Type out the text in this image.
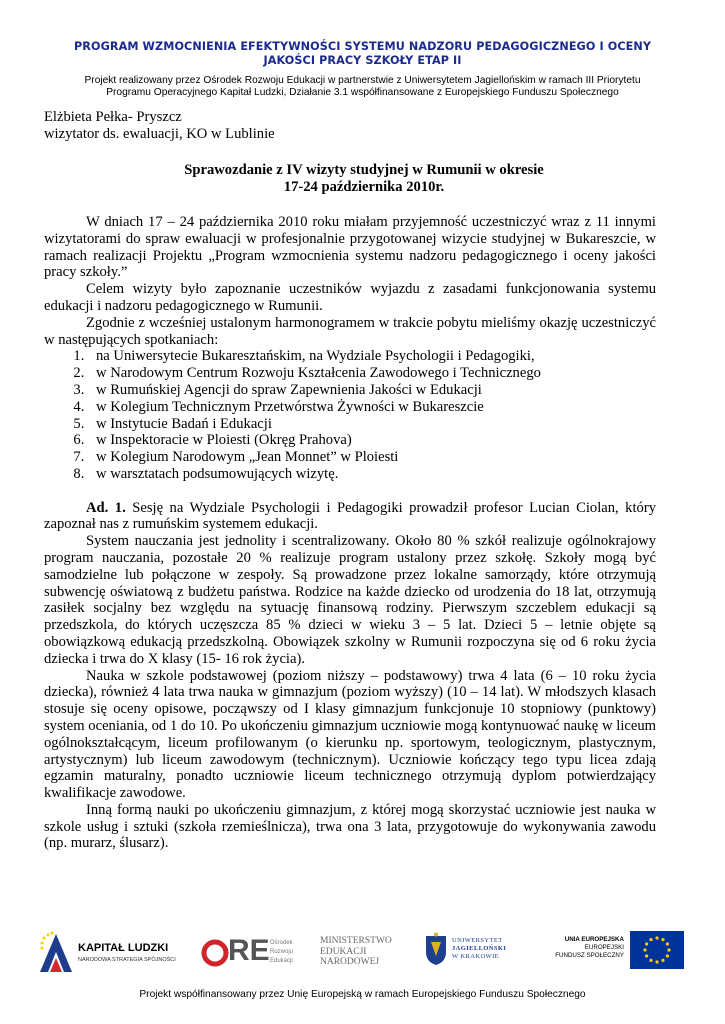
PROGRAM WZMOCNIENIA EFEKTYWNOŚCI SYSTEMU NADZORU PEDAGOGICZNEGO I OCENY
JAKOŚCI PRACY SZKOŁY ETAP II
Projekt realizowany przez Ośrodek Rozwoju Edukacji w partnerstwie z Uniwersytetem Jagiellońskim w ramach III Priorytetu
Programu Operacyjnego Kapitał Ludzki, Działanie 3.1 współfinansowane z Europejskiego Funduszu Społecznego
Elżbieta Pełka- Pryszcz
wizytator ds. ewaluacji, KO w Lublinie
Sprawozdanie z IV wizyty studyjnej w Rumunii w okresie
17-24 października 2010r.

W dniach 17 – 24 października 2010 roku miałam przyjemność uczestniczyć wraz z 11 innymi wizytatorami do spraw ewaluacji w profesjonalnie przygotowanej wizycie studyjnej w Bukareszcie, w ramach realizacji Projektu „Program wzmocnienia systemu nadzoru pedagogicznego i oceny jakości pracy szkoły.”

Celem wizyty było zapoznanie uczestników wyjazdu z zasadami funkcjonowania systemu edukacji i nadzoru pedagogicznego w Rumunii.

Zgodnie z wcześniej ustalonym harmonogramem w trakcie pobytu mieliśmy okazję uczestniczyć w następujących spotkaniach:

1. na Uniwersytecie Bukaresztańskim, na Wydziale Psychologii i Pedagogiki,
2. w Narodowym Centrum Rozwoju Kształcenia Zawodowego i Technicznego
3. w Rumuńskiej Agencji do spraw Zapewnienia Jakości w Edukacji
4. w Kolegium Technicznym Przetwórstwa Żywności w Bukareszcie
5. w Instytucie Badań i Edukacji
6. w Inspektoracie w Ploiesti (Okręg Prahova)
7. w Kolegium Narodowym „Jean Monnet” w Ploiesti
8. w warsztatach podsumowujących wizytę.

Ad. 1. Sesję na Wydziale Psychologii i Pedagogiki prowadził profesor Lucian Ciolan, który zapoznał nas z rumuńskim systemem edukacji.

System nauczania jest jednolity i scentralizowany. Około 80 % szkół realizuje ogólnokrajowy program nauczania, pozostałe 20 % realizuje program ustalony przez szkołę. Szkoły mogą być samodzielne lub połączone w zespoły. Są prowadzone przez lokalne samorządy, które otrzymują subwencję oświatową z budżetu państwa. Rodzice na każde dziecko od urodzenia do 18 lat, otrzymują zasiłek socjalny bez względu na sytuację finansową rodziny. Pierwszym szczeblem edukacji są przedszkola, do których uczęszcza 85 % dzieci w wieku 3 – 5 lat. Dzieci 5 – letnie objęte są obowiązkową edukacją przedszkolną. Obowiązek szkolny w Rumunii rozpoczyna się od 6 roku życia dziecka i trwa do X klasy (15- 16 rok życia).

Nauka w szkole podstawowej (poziom niższy – podstawowy) trwa 4 lata (6 – 10 roku życia dziecka), również 4 lata trwa nauka w gimnazjum (poziom wyższy) (10 – 14 lat). W młodszych klasach stosuje się oceny opisowe, począwszy od I klasy gimnazjum funkcjonuje 10 stopniowy (punktowy) system oceniania, od 1 do 10. Po ukończeniu gimnazjum uczniowie mogą kontynuować naukę w liceum ogólnokształcącym, liceum profilowanym (o kierunku np. sportowym, teologicznym, plastycznym, artystycznym) lub liceum zawodowym (technicznym). Uczniowie kończący tego typu licea zdają egzamin maturalny, ponadto uczniowie liceum technicznego otrzymują dyplom potwierdzający kwalifikacje zawodowe.

Inną formą nauki po ukończeniu gimnazjum, z której mogą skorzystać uczniowie jest nauka w szkole usług i sztuki (szkoła rzemieślnicza), trwa ona 3 lata, przygotowuje do wykonywania zawodu (np. murarz, ślusarz).

KAPITAŁ LUDZKI
NARODOWA STRATEGIA SPÓJNOŚCI RE Ośrodek
Rozwoju
Edukacji
MINISTERSTWO
EDUKACJI
NARODOWEJ
UNIWERSYTET
JAGIELLOŃSKI
W KRAKOWIE
UNIA EUROPEJSKA
EUROPEJSKI
FUNDUSZ SPOŁECZNY
Projekt współfinansowany przez Unię Europejską w ramach Europejskiego Funduszu Społecznego
